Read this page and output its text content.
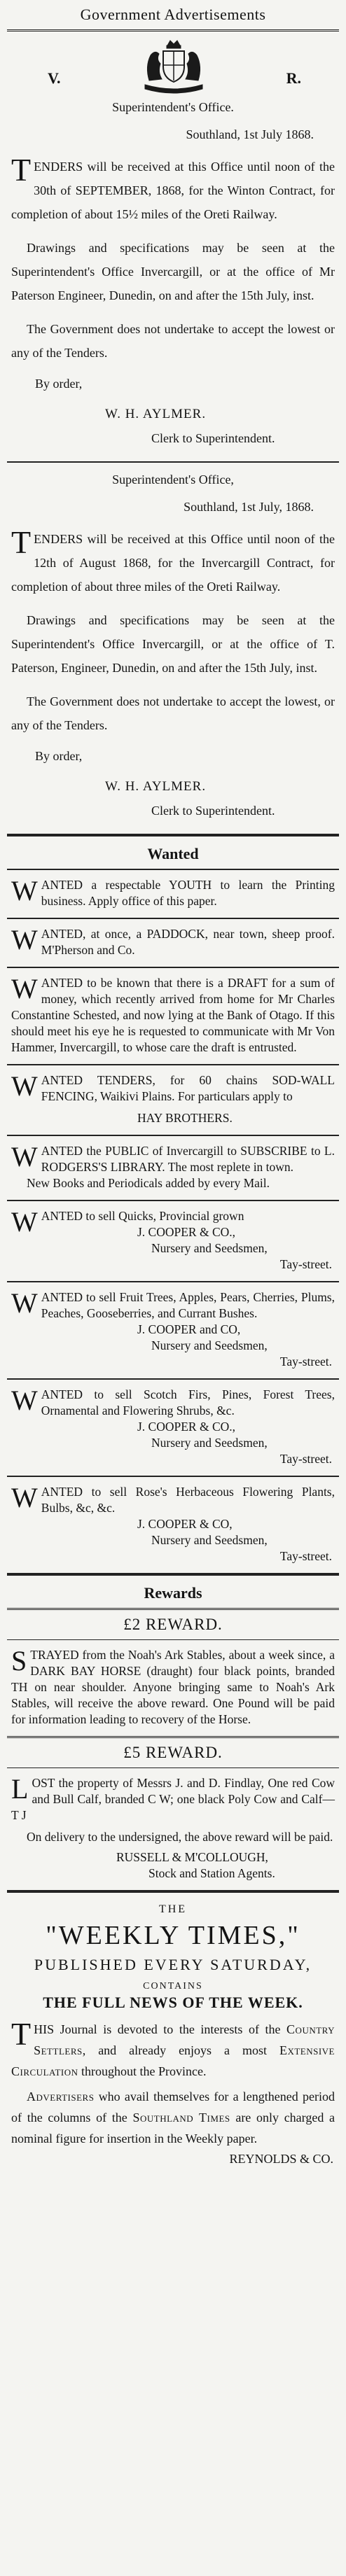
Government Advertisements
V.	R.
Superintendent's Office.
Southland, 1st July 1868.

TENDERS will be received at this Office until noon of the 30th of SEPTEMBER, 1868, for the Winton Contract, for completion of about 15½ miles of the Oreti Railway.

Drawings and specifications may be seen at the Superintendent's Office Invercargill, or at the office of Mr Paterson Engineer, Dunedin, on and after the 15th July, inst.

The Government does not undertake to accept the lowest or any of the Tenders.

By order,
W. H. AYLMER.
Clerk to Superintendent.
Superintendent's Office,
Southland, 1st July, 1868.

TENDERS will be received at this Office until noon of the 12th of August 1868, for the Invercargill Contract, for completion of about three miles of the Oreti Railway.

Drawings and specifications may be seen at the Superintendent's Office Invercargill, or at the office of T. Paterson, Engineer, Dunedin, on and after the 15th July, inst.

The Government does not undertake to accept the lowest, or any of the Tenders.

By order,
W. H. AYLMER.
Clerk to Superintendent.
Wanted
WANTED a respectable YOUTH to learn the Printing business. Apply office of this paper.
WANTED, at once, a PADDOCK, near town, sheep proof. M'Pherson and Co.
WANTED to be known that there is a DRAFT for a sum of money, which recently arrived from home for Mr Charles Constantine Schested, and now lying at the Bank of Otago. If this should meet his eye he is requested to communicate with Mr Von Hammer, Invercargill, to whose care the draft is entrusted.
WANTED TENDERS, for 60 chains SOD-WALL FENCING, Waikivi Plains. For particulars apply to
HAY BROTHERS.
WANTED the PUBLIC of Invercargill to SUBSCRIBE to L. RODGERS'S LIBRARY. The most replete in town.
New Books and Periodicals added by every Mail.
WANTED to sell Quicks, Provincial grown
J. COOPER & CO.,
Nursery and Seedsmen,
Tay-street.
WANTED to sell Fruit Trees, Apples, Pears, Cherries, Plums, Peaches, Gooseberries, and Currant Bushes.
J. COOPER and CO,
Nursery and Seedsmen,
Tay-street.
WANTED to sell Scotch Firs, Pines, Forest Trees, Ornamental and Flowering Shrubs, &c.
J. COOPER & CO.,
Nursery and Seedsmen,
Tay-street.
WANTED to sell Rose's Herbaceous Flowering Plants, Bulbs, &c, &c.
J. COOPER & CO,
Nursery and Seedsmen,
Tay-street.
Rewards
£2 REWARD.
STRAYED from the Noah's Ark Stables, about a week since, a DARK BAY HORSE (draught) four black points, branded TH on near shoulder. Anyone bringing same to Noah's Ark Stables, will receive the above reward. One Pound will be paid for information leading to recovery of the Horse.
£5 REWARD.
LOST the property of Messrs J. and D. Findlay, One red Cow and Bull Calf, branded C W; one black Poly Cow and Calf—T J
On delivery to the undersigned, the above reward will be paid.
RUSSELL & M'COLLOUGH,
Stock and Station Agents.
THE
"WEEKLY TIMES,"
PUBLISHED EVERY SATURDAY,
CONTAINS
THE FULL NEWS OF THE WEEK.

THIS Journal is devoted to the interests of the Country Settlers, and already enjoys a most Extensive Circulation throughout the Province.

Advertisers who avail themselves for a lengthened period of the columns of the Southland Times are only charged a nominal figure for insertion in the Weekly paper.

REYNOLDS & CO.
